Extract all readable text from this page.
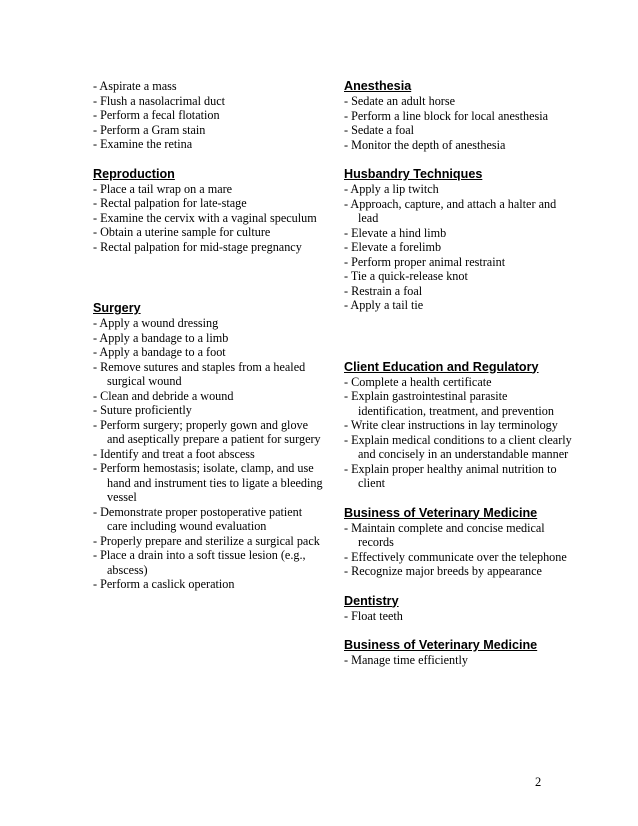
- Aspirate a mass
- Flush a nasolacrimal duct
- Perform a fecal flotation
- Perform a Gram stain
- Examine the retina
Reproduction
- Place a tail wrap on a mare
- Rectal palpation for late-stage
- Examine the cervix with a vaginal speculum
- Obtain a uterine sample for culture
- Rectal palpation for mid-stage pregnancy
Surgery
- Apply a wound dressing
- Apply a bandage to a limb
- Apply a bandage to a foot
- Remove sutures and staples from a healed surgical wound
- Clean and debride a wound
- Suture proficiently
- Perform surgery; properly gown and glove and aseptically prepare a patient for surgery
- Identify and treat a foot abscess
- Perform hemostasis; isolate, clamp, and use hand and instrument ties to ligate a bleeding vessel
- Demonstrate proper postoperative patient care including wound evaluation
- Properly prepare and sterilize a surgical pack
- Place a drain into a soft tissue lesion (e.g., abscess)
- Perform a caslick operation
Anesthesia
- Sedate an adult horse
- Perform a line block for local anesthesia
- Sedate a foal
- Monitor the depth of anesthesia
Husbandry Techniques
- Apply a lip twitch
- Approach, capture, and attach a halter and lead
- Elevate a hind limb
- Elevate a forelimb
- Perform proper animal restraint
- Tie a quick-release knot
- Restrain a foal
- Apply a tail tie
Client Education and Regulatory
- Complete a health certificate
- Explain gastrointestinal parasite identification, treatment, and prevention
- Write clear instructions in lay terminology
- Explain medical conditions to a client clearly and concisely in an understandable manner
- Explain proper healthy animal nutrition to client
Business of Veterinary Medicine
- Maintain complete and concise medical records
- Effectively communicate over the telephone
- Recognize major breeds by appearance
Dentistry
- Float teeth
Business of Veterinary Medicine
- Manage time efficiently
2
